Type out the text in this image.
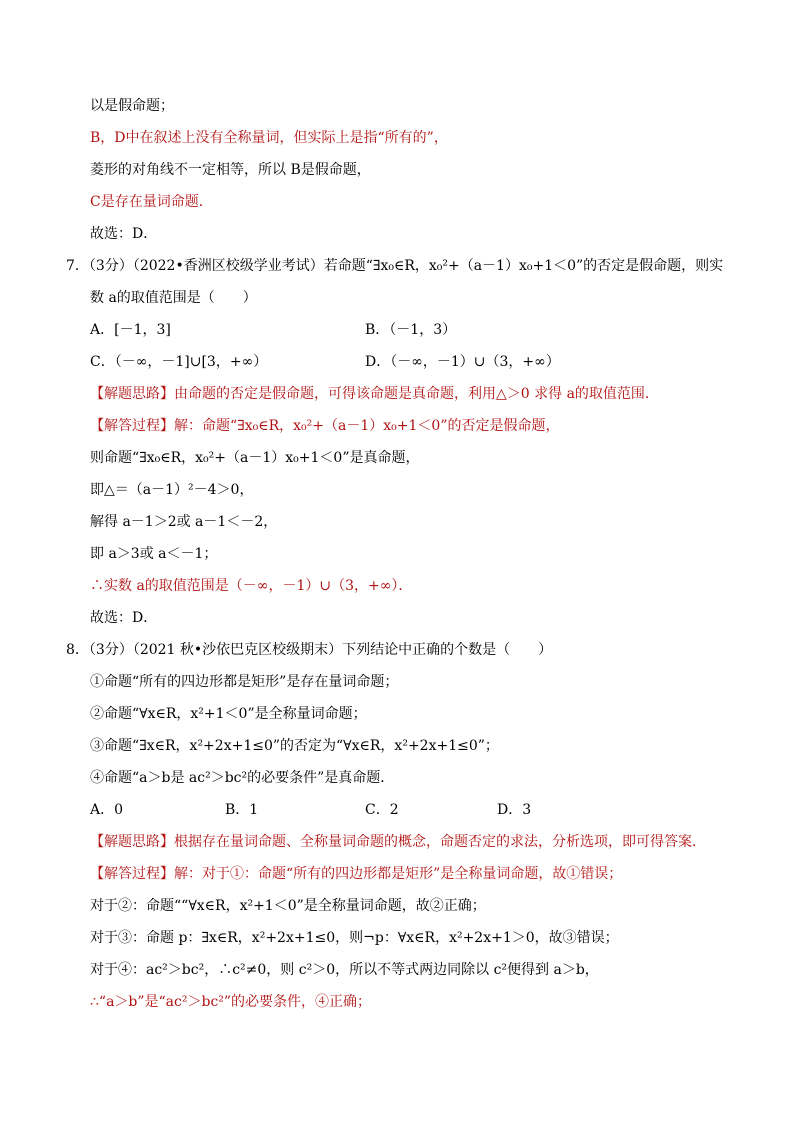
以是假命题；
B，D中在叙述上没有全称量词，但实际上是指“所有的”，
菱形的对角线不一定相等，所以 B是假命题，
C是存在量词命题．
故选：D．
7．（3分）（2022•香洲区校级学业考试）若命题“∃x₀∈R，x₀²+（a－1）x₀+1＜0”的否定是假命题，则实
数 a的取值范围是（　　）
A．[－1，3]	B．（－1，3）
C．（－∞，－1]∪[3，+∞）	D．（－∞，－1）∪（3，+∞）
【解题思路】由命题的否定是假命题，可得该命题是真命题，利用△＞0 求得 a的取值范围．
【解答过程】解：命题“∃x₀∈R，x₀²+（a－1）x₀+1＜0”的否定是假命题，
则命题“∃x₀∈R，x₀²+（a－1）x₀+1＜0”是真命题，
即△＝（a－1）²－4＞0，
解得 a－1＞2或 a－1＜－2，
即 a＞3或 a＜－1；
∴实数 a的取值范围是（－∞，－1）∪（3，+∞）．
故选：D．
8．（3分）（2021 秋•沙依巴克区校级期末）下列结论中正确的个数是（　　）
①命题“所有的四边形都是矩形”是存在量词命题；
②命题“∀x∈R，x²+1＜0”是全称量词命题；
③命题“∃x∈R，x²+2x+1≤0”的否定为“∀x∈R，x²+2x+1≤0”；
④命题“a＞b是 ac²＞bc²的必要条件”是真命题．
A．0	B．1	C．2	D．3
【解题思路】根据存在量词命题、全称量词命题的概念，命题否定的求法，分析选项，即可得答案．
【解答过程】解：对于①：命题“所有的四边形都是矩形”是全称量词命题，故①错误；
对于②：命题““∀x∈R，x²+1＜0”是全称量词命题，故②正确；
对于③：命题 p：∃x∈R，x²+2x+1≤0，则¬p：∀x∈R，x²+2x+1＞0，故③错误；
对于④：ac²＞bc²，∴c²≠0，则 c²＞0，所以不等式两边同除以 c²便得到 a＞b，
∴“a＞b”是“ac²＞bc²”的必要条件，④正确；
